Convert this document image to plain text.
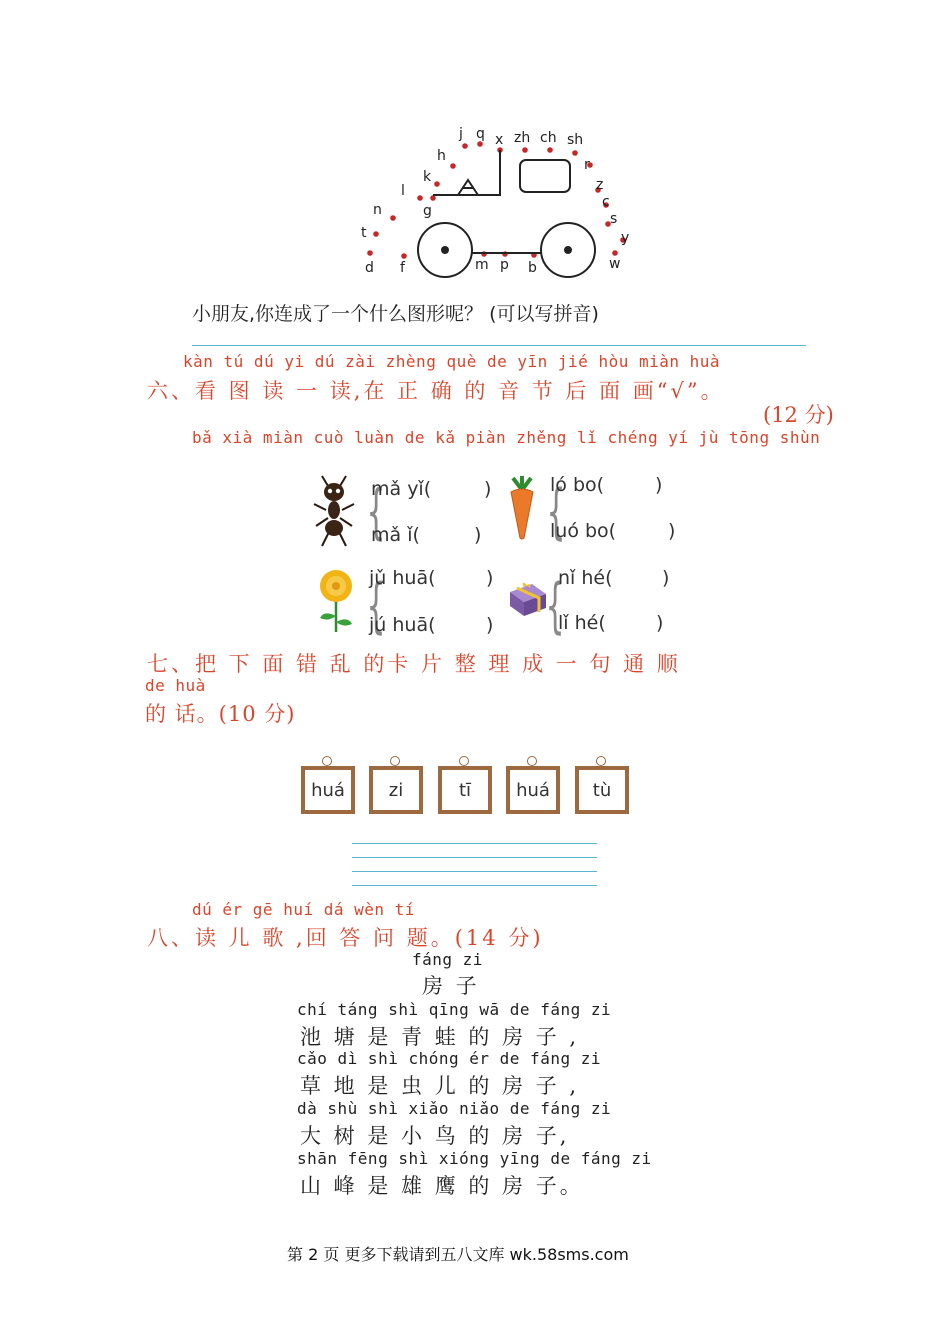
j q x zh ch sh
h
r
k	z
l
c
g
n
s
t	y
d f	m p b	w
小朋友,你连成了一个什么图形呢？ (可以写拼音)
kàn tú dú yi dú zài zhèng què de yīn jié hòu miàn huà
六、看 图 读 一 读,在 正 确 的 音 节 后 面 画“√”。
(12 分)
bǎ xià miàn cuò luàn de kǎ piàn zhěng lǐ chéng yí jù tōng shùn
{
mǎ yǐ(	)
mǎ ǐ(	) {
ló bo(	)
luó bo(	)
{
jǔ huā(	)
jú huā(	) {
nǐ hé(	)
lǐ hé(	)
七、把 下 面 错 乱 的卡 片 整 理 成 一 句 通 顺
de huà
的 话。(10 分)
huá	zi	tī	huá	tù
dú ér gē huí dá wèn tí
八、读 儿 歌 ,回 答 问 题。(14 分)
fáng zi
房 子
chí táng shì qīng wā de fáng zi
池 塘 是 青 蛙 的 房 子 ,
cǎo dì shì chóng ér de fáng zi
草 地 是 虫 儿 的 房 子 ,
dà shù shì xiǎo niǎo de fáng zi
大 树 是 小 鸟 的 房 子,
shān fēng shì xióng yīng de fáng zi
山 峰 是 雄 鹰 的 房 子。
第 2 页 更多下载请到五八文库 wk.58sms.com
